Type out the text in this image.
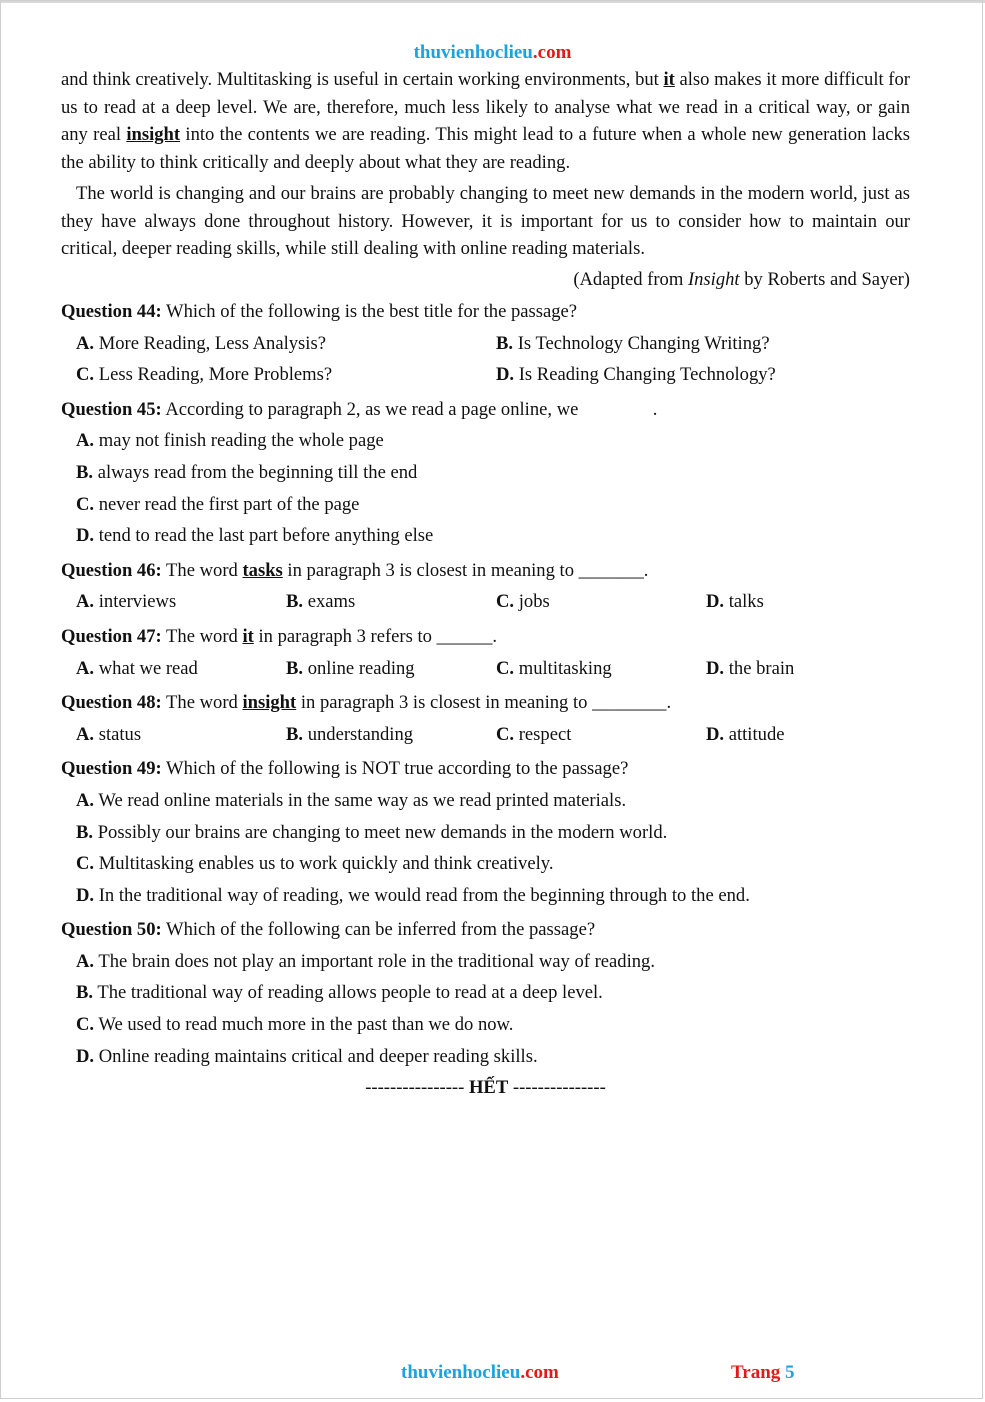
thuvienhoclieu.com

and think creatively. Multitasking is useful in certain working environments, but it also makes it more difficult for us to read at a deep level. We are, therefore, much less likely to analyse what we read in a critical way, or gain any real insight into the contents we are reading. This might lead to a future when a whole new generation lacks the ability to think critically and deeply about what they are reading.

The world is changing and our brains are probably changing to meet new demands in the modern world, just as they have always done throughout history. However, it is important for us to consider how to maintain our critical, deeper reading skills, while still dealing with online reading materials.

(Adapted from Insight by Roberts and Sayer)
Question 44: Which of the following is the best title for the passage?
A. More Reading, Less Analysis?	B. Is Technology Changing Writing?
C. Less Reading, More Problems?	D. Is Reading Changing Technology?
Question 45: According to paragraph 2, as we read a page online, we                .
A. may not finish reading the whole page
B. always read from the beginning till the end
C. never read the first part of the page
D. tend to read the last part before anything else
Question 46: The word tasks in paragraph 3 is closest in meaning to _______.
A. interviews	B. exams	C. jobs	D. talks
Question 47: The word it in paragraph 3 refers to ______.
A. what we read	B. online reading	C. multitasking	D. the brain
Question 48: The word insight in paragraph 3 is closest in meaning to ________.
A. status	B. understanding	C. respect	D. attitude
Question 49: Which of the following is NOT true according to the passage?
A. We read online materials in the same way as we read printed materials.
B. Possibly our brains are changing to meet new demands in the modern world.
C. Multitasking enables us to work quickly and think creatively.
D. In the traditional way of reading, we would read from the beginning through to the end.
Question 50: Which of the following can be inferred from the passage?
A. The brain does not play an important role in the traditional way of reading.
B. The traditional way of reading allows people to read at a deep level.
C. We used to read much more in the past than we do now.
D. Online reading maintains critical and deeper reading skills.
---------------- HẾT ---------------
thuvienhoclieu.com	Trang 5
